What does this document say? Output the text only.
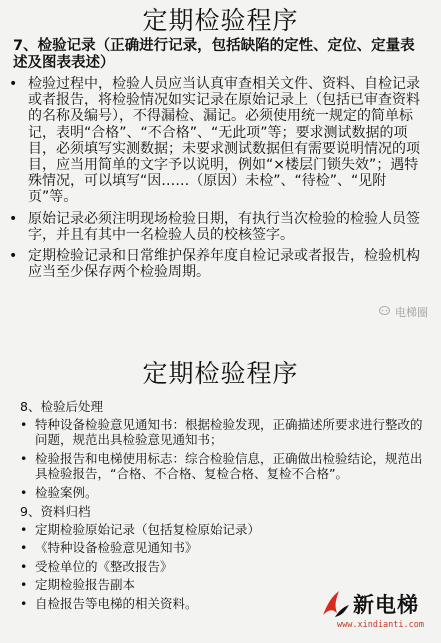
定期检验程序
7、检验记录（正确进行记录，包括缺陷的定性、定位、定量表述及图表表述）
• 检验过程中，检验人员应当认真审查相关文件、资料、自检记录或者报告，将检验情况如实记录在原始记录上（包括已审查资料的名称及编号），不得漏检、漏记。必须使用统一规定的简单标记，表明“合格”、“不合格”、“无此项”等；要求测试数据的项目，必须填写实测数据；未要求测试数据但有需要说明情况的项目，应当用简单的文字予以说明，例如“×楼层门锁失效”；遇特殊情况，可以填写“因……（原因）未检”、“待检”、“见附页”等。
• 原始记录必须注明现场检验日期，有执行当次检验的检验人员签字，并且有其中一名检验人员的校核签字。
• 定期检验记录和日常维护保养年度自检记录或者报告，检验机构应当至少保存两个检验周期。
电梯圈
定期检验程序
8、检验后处理
• 特种设备检验意见通知书：根据检验发现，正确描述所要求进行整改的问题，规范出具检验意见通知书；
• 检验报告和电梯使用标志：综合检验信息，正确做出检验结论，规范出具检验报告，“合格、不合格、复检合格、复检不合格”。
• 检验案例。
9、资料归档
• 定期检验原始记录（包括复检原始记录）
• 《特种设备检验意见通知书》
• 受检单位的《整改报告》
• 定期检验报告副本
• 自检报告等电梯的相关资料。	新电梯
www.xindianti.com
